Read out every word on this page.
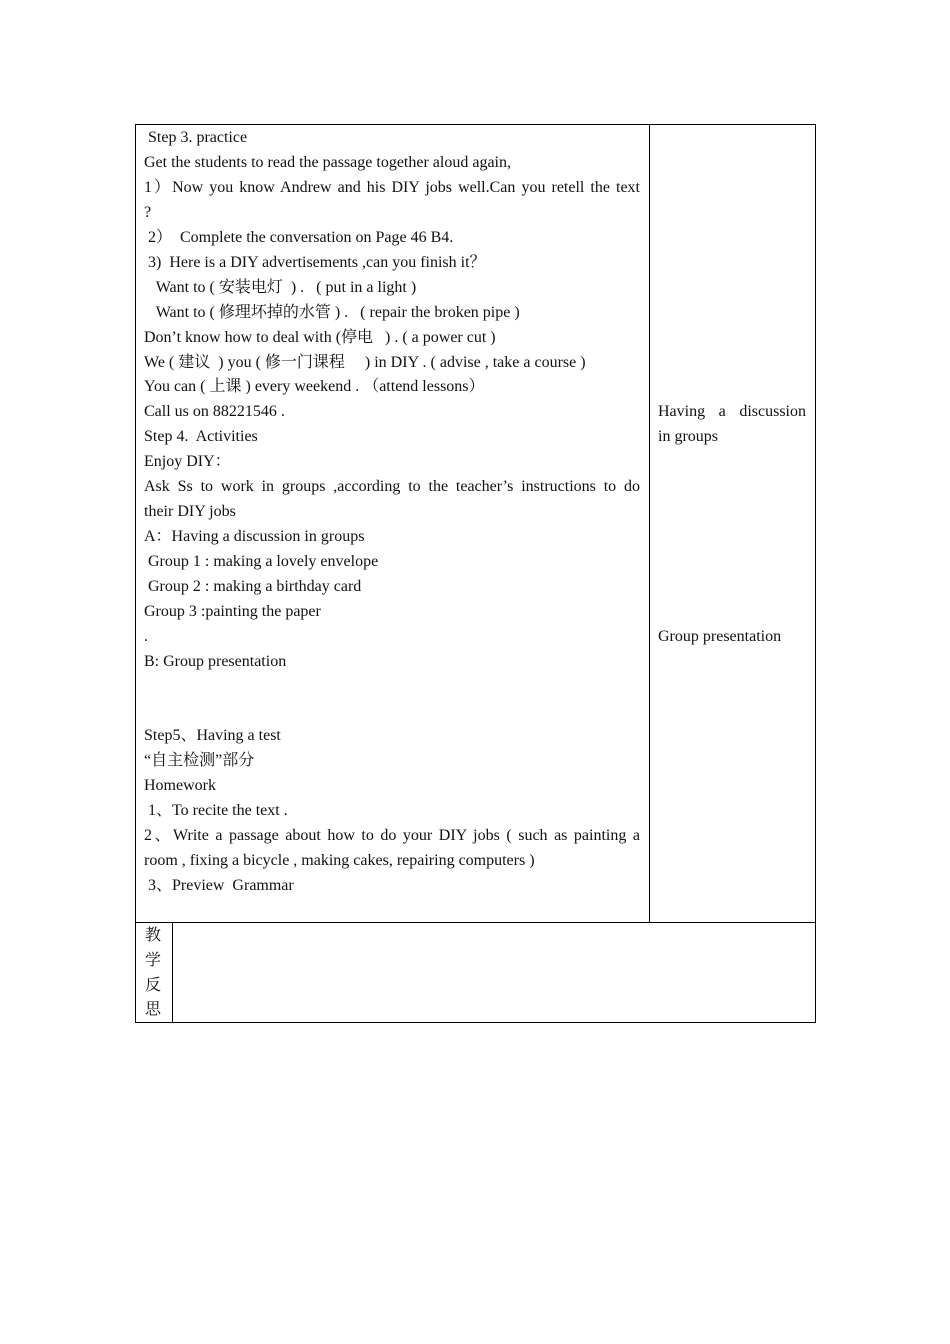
Step 3. practice
Get the students to read the passage together aloud again,
1）Now you know Andrew and his DIY jobs well.Can you retell the text
?
2）  Complete the conversation on Page 46 B4.
3)  Here is a DIY advertisements ,can you finish it？
Want to ( 安装电灯  ) .   ( put in a light )
Want to ( 修理坏掉的水管 ) .   ( repair the broken pipe )
Don’t know how to deal with (停电   ) . ( a power cut )
We ( 建议  ) you ( 修一门课程     ) in DIY . ( advise , take a course )
You can ( 上课 ) every weekend . （attend lessons）
Call us on 88221546 .
Step 4.  Activities
Enjoy DIY：
Ask Ss to work in groups ,according to the teacher’s instructions to do
their DIY jobs
A：Having a discussion in groups
Group 1 : making a lovely envelope
Group 2 : making a birthday card
Group 3 :painting the paper
.
B: Group presentation
Step5、Having a test
“自主检测”部分
Homework
1、To recite the text .
2、Write a passage about how to do your DIY jobs ( such as painting a
room , fixing a bicycle , making cakes, repairing computers )
3、Preview  Grammar
Having a discussion
in groups
Group presentation
教
学
反
思
